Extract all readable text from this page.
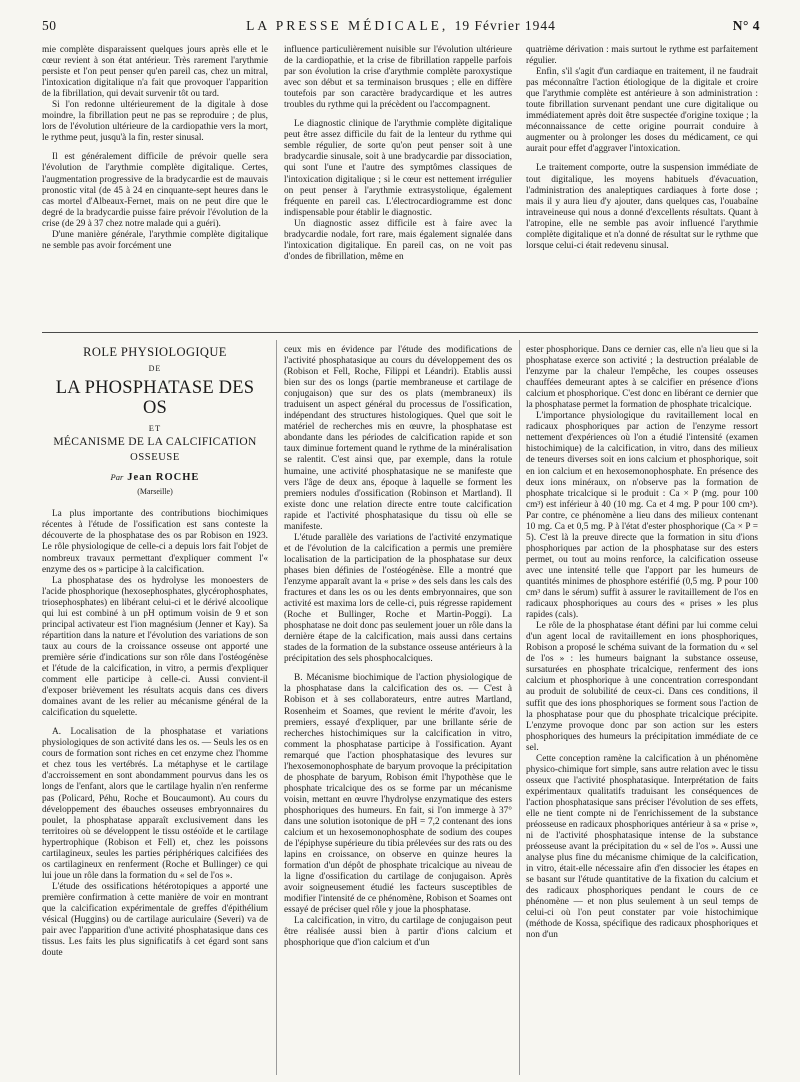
50	LA PRESSE MÉDICALE, 19 Février 1944	N° 4

mie complète disparaissent quelques jours après elle et le cœur revient à son état antérieur. Très rarement l'arythmie persiste et l'on peut penser qu'en pareil cas, chez un mitral, l'intoxication digitalique n'a fait que provoquer l'apparition de la fibrillation, qui devait survenir tôt ou tard.

Si l'on redonne ultérieurement de la digitale à dose moindre, la fibrillation peut ne pas se reproduire ; de plus, lors de l'évolution ultérieure de la cardiopathie vers la mort, le rythme peut, jusqu'à la fin, rester sinusal.

Il est généralement difficile de prévoir quelle sera l'évolution de l'arythmie complète digitalique. Certes, l'augmentation progressive de la bradycardie est de mauvais pronostic vital (de 45 à 24 en cinquante-sept heures dans le cas mortel d'Albeaux-Fernet, mais on ne peut dire que le degré de la bradycardie puisse faire prévoir l'évolution de la crise (de 29 à 37 chez notre malade qui a guéri).

D'une manière générale, l'arythmie complète digitalique ne semble pas avoir forcément une

influence particulièrement nuisible sur l'évolution ultérieure de la cardiopathie, et la crise de fibrillation rappelle parfois par son évolution la crise d'arythmie complète paroxystique avec son début et sa terminaison brusques ; elle en diffère toutefois par son caractère bradycardique et les autres troubles du rythme qui la précèdent ou l'accompagnent.

Le diagnostic clinique de l'arythmie complète digitalique peut être assez difficile du fait de la lenteur du rythme qui semble régulier, de sorte qu'on peut penser soit à une bradycardie sinusale, soit à une bradycardie par dissociation, qui sont l'une et l'autre des symptômes classiques de l'intoxication digitalique ; si le cœur est nettement irrégulier on peut penser à l'arythmie extrasystolique, également fréquente en pareil cas. L'électrocardiogramme est donc indispensable pour établir le diagnostic.

Un diagnostic assez difficile est à faire avec la bradycardie nodale, fort rare, mais également signalée dans l'intoxication digitalique. En pareil cas, on ne voit pas d'ondes de fibrillation, même en

quatrième dérivation : mais surtout le rythme est parfaitement régulier.

Enfin, s'il s'agit d'un cardiaque en traitement, il ne faudrait pas méconnaître l'action étiologique de la digitale et croire que l'arythmie complète est antérieure à son administration : toute fibrillation survenant pendant une cure digitalique ou immédiatement après doit être suspectée d'origine toxique ; la méconnaissance de cette origine pourrait conduire à augmenter ou à prolonger les doses du médicament, ce qui aurait pour effet d'aggraver l'intoxication.

Le traitement comporte, outre la suspension immédiate de tout digitalique, les moyens habituels d'évacuation, l'administration des analeptiques cardiaques à forte dose ; mais il y aura lieu d'y ajouter, dans quelques cas, l'ouabaïne intraveineuse qui nous a donné d'excellents résultats. Quant à l'atropine, elle ne semble pas avoir influencé l'arythmie complète digitalique et n'a donné de résultat sur le rythme que lorsque celui-ci était redevenu sinusal.

ROLE PHYSIOLOGIQUE
DE
LA PHOSPHATASE DES OS
ET
MÉCANISME DE LA CALCIFICATION
OSSEUSE
Par Jean ROCHE
(Marseille)

La plus importante des contributions biochimiques récentes à l'étude de l'ossification est sans conteste la découverte de la phosphatase des os par Robison en 1923. Le rôle physiologique de celle-ci a depuis lors fait l'objet de nombreux travaux permettant d'expliquer comment l'« enzyme des os » participe à la calcification.

La phosphatase des os hydrolyse les monoesters de l'acide phosphorique (hexosephosphates, glycérophosphates, triosephosphates) en libérant celui-ci et le dérivé alcoolique qui lui est combiné à un pH optimum voisin de 9 et son principal activateur est l'ion magnésium (Jenner et Kay). Sa répartition dans la nature et l'évolution des variations de son taux au cours de la croissance osseuse ont apporté une première série d'indications sur son rôle dans l'ostéogénèse et l'étude de la calcification, in vitro, a permis d'expliquer comment elle participe à celle-ci. Aussi convient-il d'exposer brièvement les résultats acquis dans ces divers domaines avant de les relier au mécanisme général de la calcification du squelette.

A. Localisation de la phosphatase et variations physiologiques de son activité dans les os. — Seuls les os en cours de formation sont riches en cet enzyme chez l'homme et chez tous les vertébrés. La métaphyse et le cartilage d'accroissement en sont abondamment pourvus dans les os longs de l'enfant, alors que le cartilage hyalin n'en renferme pas (Policard, Péhu, Roche et Boucaumont). Au cours du développement des ébauches osseuses embryonnaires du poulet, la phosphatase apparaît exclusivement dans les territoires où se développent le tissu ostéoïde et le cartilage hypertrophique (Robison et Fell) et, chez les poissons cartilagineux, seules les parties périphériques calcifiées des os cartilagineux en renferment (Roche et Bullinger) ce qui lui joue un rôle dans la formation du « sel de l'os ».

L'étude des ossifications hétérotopiques a apporté une première confirmation à cette manière de voir en montrant que la calcification expérimentale de greffes d'épithélium vésical (Huggins) ou de cartilage auriculaire (Severi) va de pair avec l'apparition d'une activité phosphatasique dans ces tissus. Les faits les plus significatifs à cet égard sont sans doute

ceux mis en évidence par l'étude des modifications de l'activité phosphatasique au cours du développement des os (Robison et Fell, Roche, Filippi et Léandri). Etablis aussi bien sur des os longs (partie membraneuse et cartilage de conjugaison) que sur des os plats (membraneux) ils traduisent un aspect général du processus de l'ossification, indépendant des structures histologiques. Quel que soit le matériel de recherches mis en œuvre, la phosphatase est abondante dans les périodes de calcification rapide et son taux diminue fortement quand le rythme de la minéralisation se ralentit. C'est ainsi que, par exemple, dans la rotule humaine, une activité phosphatasique ne se manifeste que vers l'âge de deux ans, époque à laquelle se forment les premiers nodules d'ossification (Robinson et Martland). Il existe donc une relation directe entre toute calcification rapide et l'activité phosphatasique du tissu où elle se manifeste.

L'étude parallèle des variations de l'activité enzymatique et de l'évolution de la calcification a permis une première localisation de la participation de la phosphatase sur deux phases bien définies de l'ostéogénèse. Elle a montré que l'enzyme apparaît avant la « prise » des sels dans les cals des fractures et dans les os ou les dents embryonnaires, que son activité est maxima lors de celle-ci, puis régresse rapidement (Roche et Bullinger, Roche et Martin-Poggi). La phosphatase ne doit donc pas seulement jouer un rôle dans la dernière étape de la calcification, mais aussi dans certains stades de la formation de la substance osseuse antérieurs à la précipitation des sels phosphocalciques.

B. Mécanisme biochimique de l'action physiologique de la phosphatase dans la calcification des os. — C'est à Robison et à ses collaborateurs, entre autres Martland, Rosenheim et Soames, que revient le mérite d'avoir, les premiers, essayé d'expliquer, par une brillante série de recherches histochimiques sur la calcification in vitro, comment la phosphatase participe à l'ossification. Ayant remarqué que l'action phosphatasique des levures sur l'hexosemonophosphate de baryum provoque la précipitation de phosphate de baryum, Robison émit l'hypothèse que le phosphate tricalcique des os se forme par un mécanisme voisin, mettant en œuvre l'hydrolyse enzymatique des esters phosphoriques des humeurs. En fait, si l'on immerge à 37° dans une solution isotonique de pH = 7,2 contenant des ions calcium et un hexosemonophosphate de sodium des coupes de l'épiphyse supérieure du tibia prélevées sur des rats ou des lapins en croissance, on observe en quinze heures la formation d'un dépôt de phosphate tricalcique au niveau de la ligne d'ossification du cartilage de conjugaison. Après avoir soigneusement étudié les facteurs susceptibles de modifier l'intensité de ce phénomène, Robison et Soames ont essayé de préciser quel rôle y joue la phosphatase.

La calcification, in vitro, du cartilage de conjugaison peut être réalisée aussi bien à partir d'ions calcium et phosphorique que d'ion calcium et d'un

ester phosphorique. Dans ce dernier cas, elle n'a lieu que si la phosphatase exerce son activité ; la destruction préalable de l'enzyme par la chaleur l'empêche, les coupes osseuses chauffées demeurant aptes à se calcifier en présence d'ions calcium et phosphorique. C'est donc en libérant ce dernier que la phosphatase permet la formation de phosphate tricalcique.

L'importance physiologique du ravitaillement local en radicaux phosphoriques par action de l'enzyme ressort nettement d'expériences où l'on a étudié l'intensité (examen histochimique) de la calcification, in vitro, dans des milieux de teneurs diverses soit en ions calcium et phosphorique, soit en ion calcium et en hexosemonophosphate. En présence des deux ions minéraux, on n'observe pas la formation de phosphate tricalcique si le produit : Ca × P (mg. pour 100 cm³) est inférieur à 40 (10 mg. Ca et 4 mg. P pour 100 cm³). Par contre, ce phénomène a lieu dans des milieux contenant 10 mg. Ca et 0,5 mg. P à l'état d'ester phosphorique (Ca × P = 5). C'est là la preuve directe que la formation in situ d'ions phosphoriques par action de la phosphatase sur des esters permet, ou tout au moins renforce, la calcification osseuse avec une intensité telle que l'apport par les humeurs de quantités minimes de phosphore estérifié (0,5 mg. P pour 100 cm³ dans le sérum) suffit à assurer le ravitaillement de l'os en radicaux phosphoriques au cours des « prises » les plus rapides (cals).

Le rôle de la phosphatase étant défini par lui comme celui d'un agent local de ravitaillement en ions phosphoriques, Robison a proposé le schéma suivant de la formation du « sel de l'os » : les humeurs baignant la substance osseuse, sursaturées en phosphate tricalcique, renferment des ions calcium et phosphorique à une concentration correspondant au produit de solubilité de ceux-ci. Dans ces conditions, il suffit que des ions phosphoriques se forment sous l'action de la phosphatase pour que du phosphate tricalcique précipite. L'enzyme provoque donc par son action sur les esters phosphoriques des humeurs la précipitation immédiate de ce sel.

Cette conception ramène la calcification à un phénomène physico-chimique fort simple, sans autre relation avec le tissu osseux que l'activité phosphatasique. Interprétation de faits expérimentaux qualitatifs traduisant les conséquences de l'action phosphatasique sans préciser l'évolution de ses effets, elle ne tient compte ni de l'enrichissement de la substance préosseuse en radicaux phosphoriques antérieur à sa « prise », ni de l'activité phosphatasique intense de la substance préosseuse avant la précipitation du « sel de l'os ». Aussi une analyse plus fine du mécanisme chimique de la calcification, in vitro, était-elle nécessaire afin d'en dissocier les étapes en se basant sur l'étude quantitative de la fixation du calcium et des radicaux phosphoriques pendant le cours de ce phénomène — et non plus seulement à un seul temps de celui-ci où l'on peut constater par voie histochimique (méthode de Kossa, spécifique des radicaux phosphoriques et non d'un
